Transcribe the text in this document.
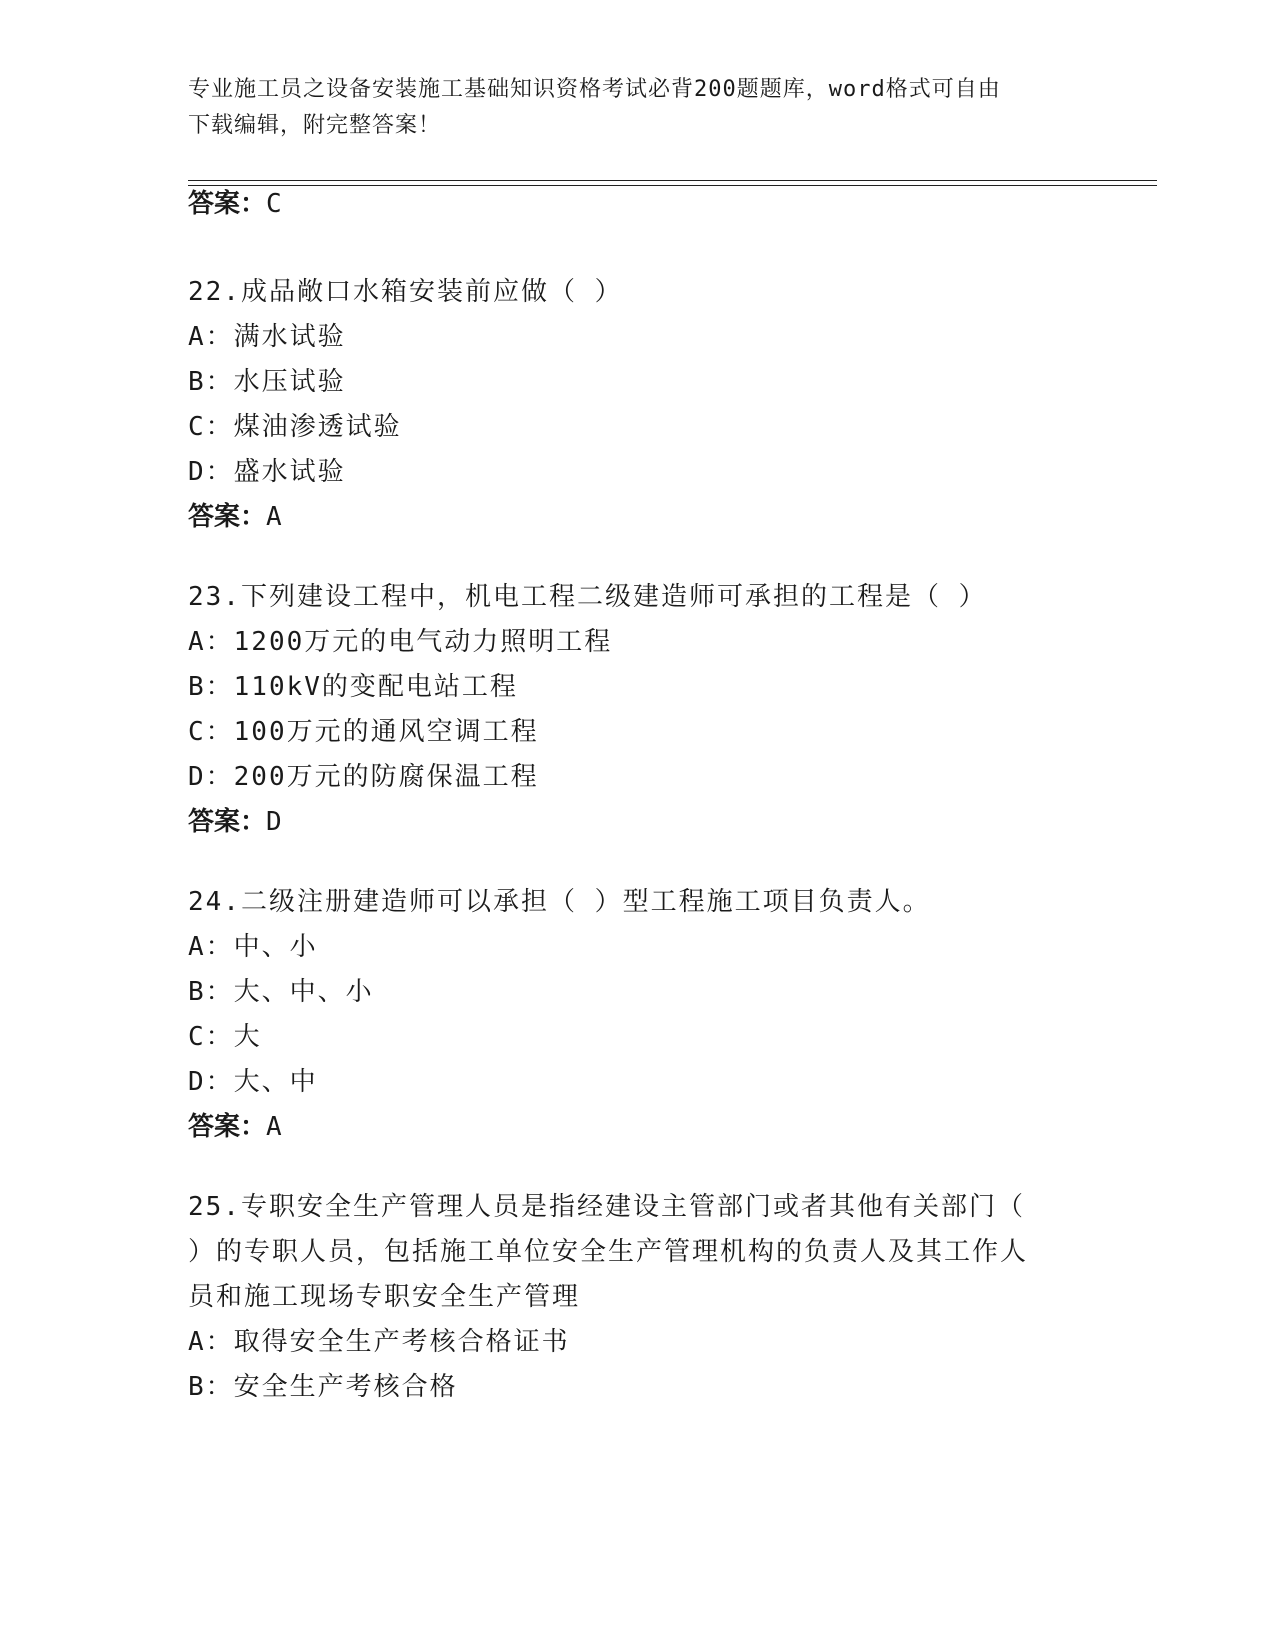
专业施工员之设备安装施工基础知识资格考试必背200题题库，word格式可自由
下载编辑，附完整答案！
答案：C
22.成品敞口水箱安装前应做（ ）
A：满水试验
B：水压试验
C：煤油渗透试验
D：盛水试验
答案：A
23.下列建设工程中，机电工程二级建造师可承担的工程是（ ）
A：1200万元的电气动力照明工程
B：110kV的变配电站工程
C：100万元的通风空调工程
D：200万元的防腐保温工程
答案：D
24.二级注册建造师可以承担（ ）型工程施工项目负责人。
A：中、小
B：大、中、小
C：大
D：大、中
答案：A
25.专职安全生产管理人员是指经建设主管部门或者其他有关部门（
）的专职人员，包括施工单位安全生产管理机构的负责人及其工作人
员和施工现场专职安全生产管理
A：取得安全生产考核合格证书
B：安全生产考核合格
